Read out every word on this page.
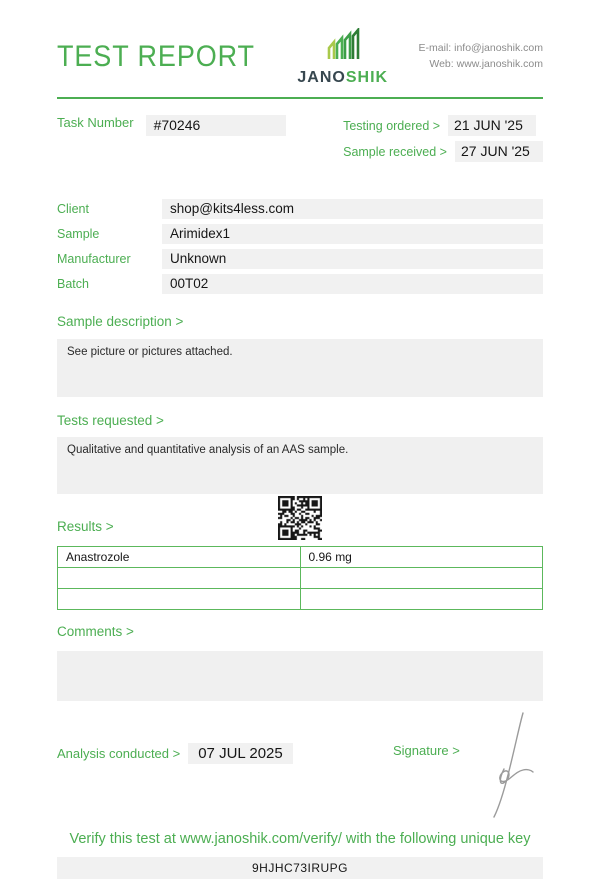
TEST REPORT
JANOSHIK
E-mail: info@janoshik.com
Web: www.janoshik.com
Task Number	#70246	Testing ordered >	21 JUN '25
Sample received >	27 JUN '25
Client	shop@kits4less.com
Sample	Arimidex1
Manufacturer	Unknown
Batch	00T02
Sample description >
See picture or pictures attached.
Tests requested >
Qualitative and quantitative analysis of an AAS sample.
Results >
Anastrozole	0.96 mg

Comments >
Analysis conducted >	07 JUL 2025	Signature >
Verify this test at www.janoshik.com/verify/ with the following unique key
9HJHC73IRUPG
